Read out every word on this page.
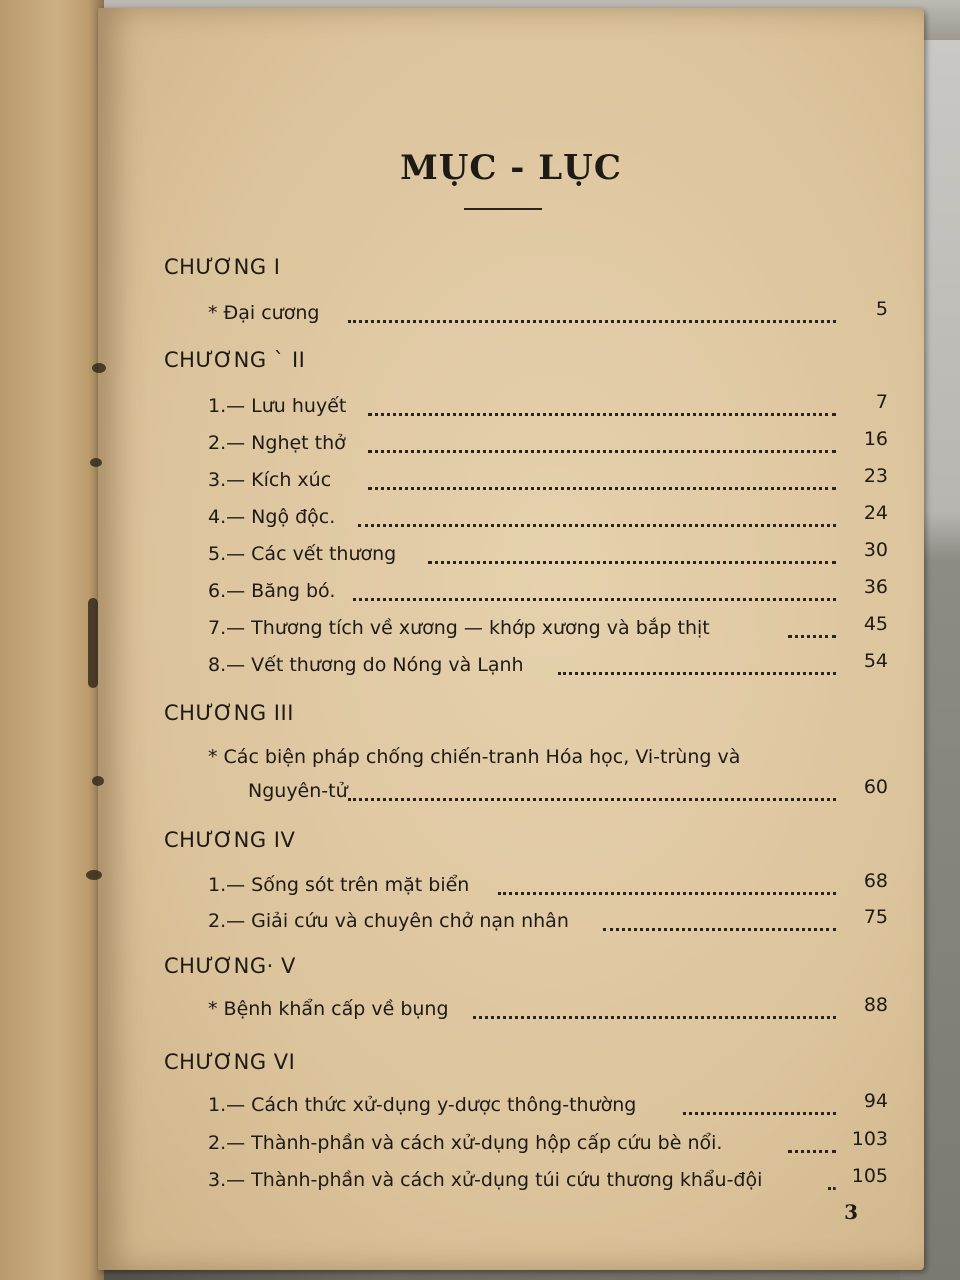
MỤC - LỤC
CHƯƠNG I
* Đại cương	5
CHƯƠNG ` II
1.— Lưu huyết	7
2.— Nghẹt thở	16
3.— Kích xúc	23
4.— Ngộ độc.	24
5.— Các vết thương	30
6.— Băng bó.	36
7.— Thương tích về xương — khớp xương và bắp thịt	45
8.— Vết thương do Nóng và Lạnh	54
CHƯƠNG III
* Các biện pháp chống chiến-tranh Hóa học, Vi-trùng và
Nguyên-tử	60
CHƯƠNG IV
1.— Sống sót trên mặt biển	68
2.— Giải cứu và chuyên chở nạn nhân	75
CHƯƠNG· V
* Bệnh khẩn cấp về bụng	88
CHƯƠNG VI
1.— Cách thức xử-dụng y-dược thông-thường	94
2.— Thành-phần và cách xử-dụng hộp cấp cứu bè nổi.	103
3.— Thành-phần và cách xử-dụng túi cứu thương khẩu-đội	105
3
